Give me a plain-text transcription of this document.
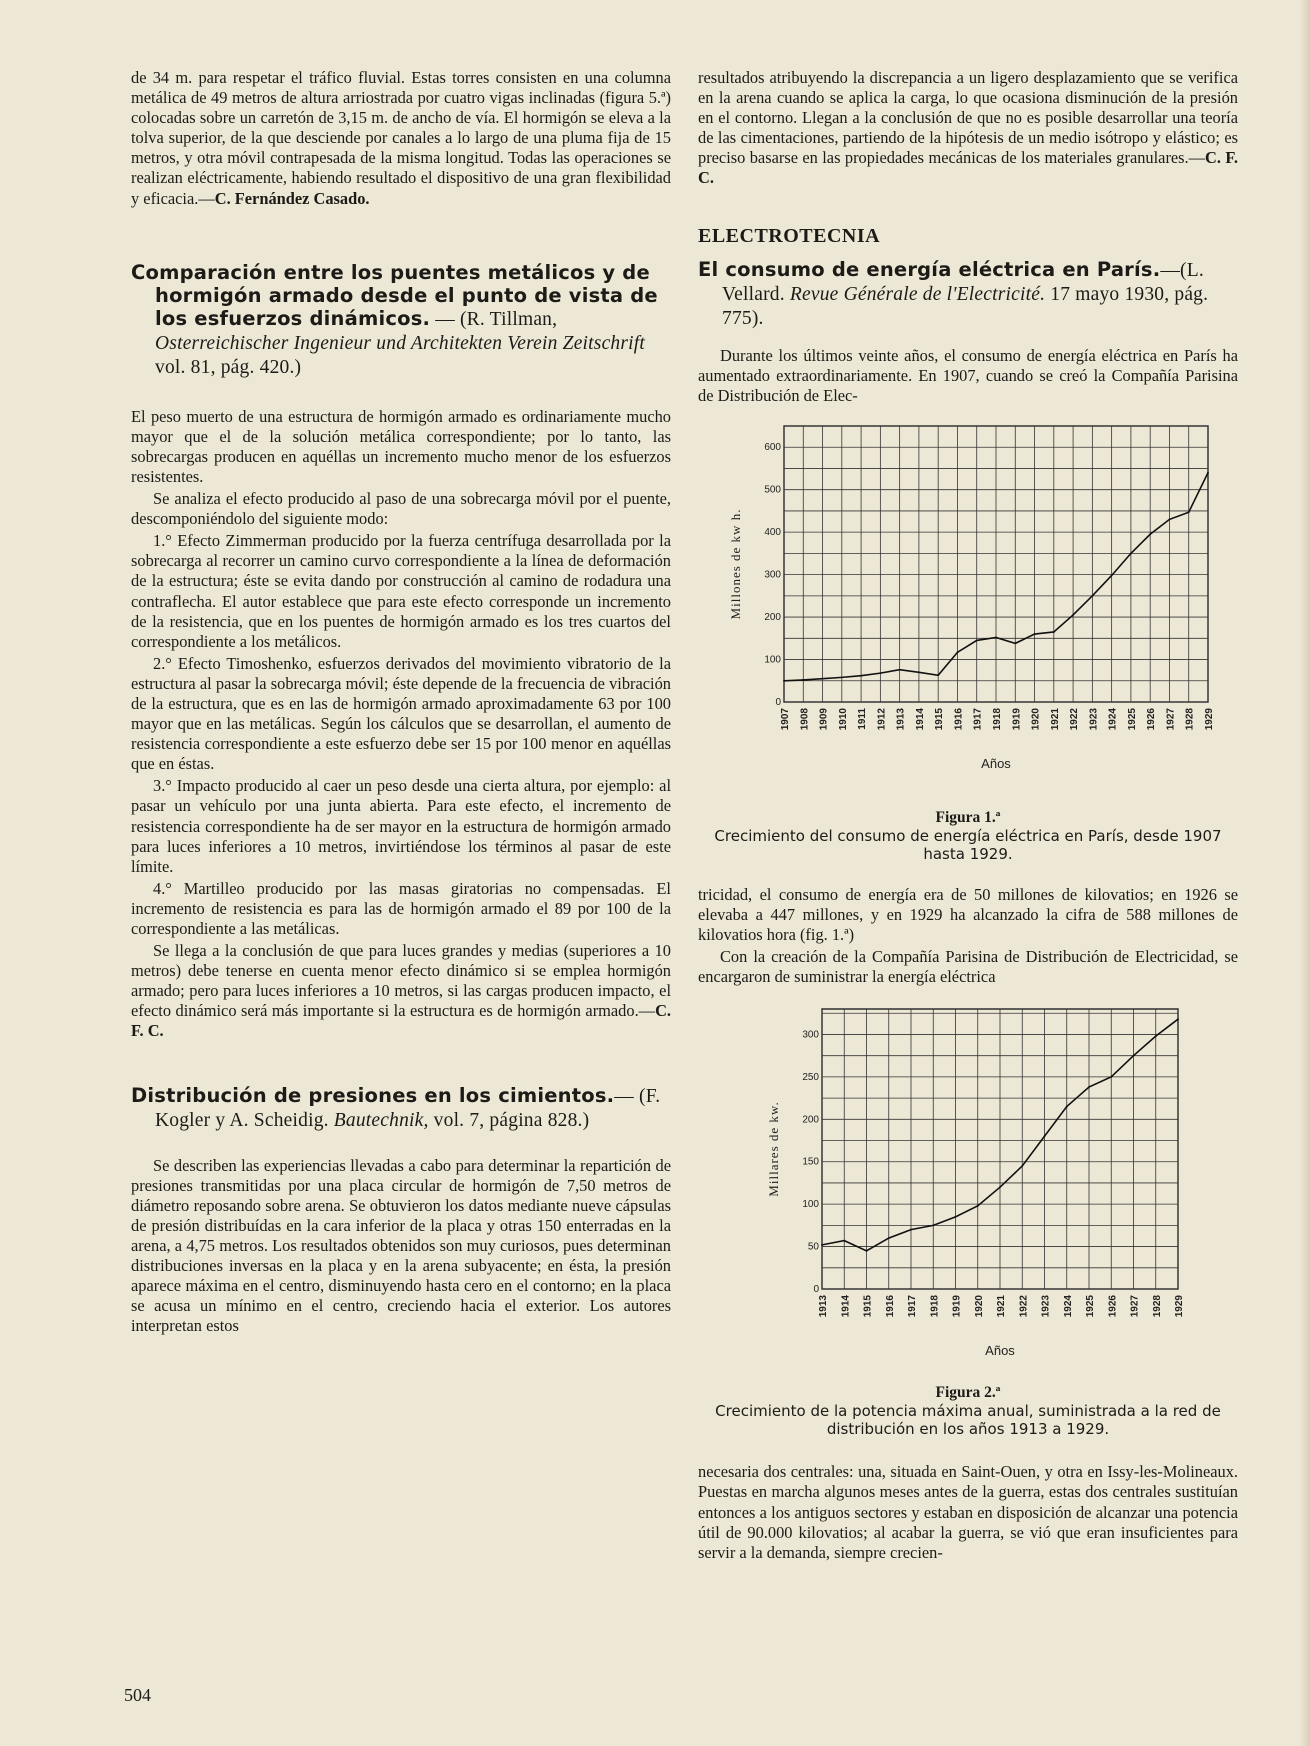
de 34 m. para respetar el tráfico fluvial. Estas torres consisten en una columna metálica de 49 metros de altura arriostrada por cuatro vigas inclinadas (figura 5.ª) colocadas sobre un carretón de 3,15 m. de ancho de vía. El hormigón se eleva a la tolva superior, de la que desciende por canales a lo largo de una pluma fija de 15 metros, y otra móvil contrapesada de la misma longitud. Todas las operaciones se realizan eléctricamente, habiendo resultado el dispositivo de una gran flexibilidad y eficacia.—C. Fernández Casado.

Comparación entre los puentes metálicos y de hormigón armado desde el punto de vista de los esfuerzos dinámicos. — (R. Tillman, Osterreichischer Ingenieur und Architekten Verein Zeitschrift vol. 81, pág. 420.)

El peso muerto de una estructura de hormigón armado es ordinariamente mucho mayor que el de la solución metálica correspondiente; por lo tanto, las sobrecargas producen en aquéllas un incremento mucho menor de los esfuerzos resistentes.

Se analiza el efecto producido al paso de una sobrecarga móvil por el puente, descomponiéndolo del siguiente modo:

1.° Efecto Zimmerman producido por la fuerza centrífuga desarrollada por la sobrecarga al recorrer un camino curvo correspondiente a la línea de deformación de la estructura; éste se evita dando por construcción al camino de rodadura una contraflecha. El autor establece que para este efecto corresponde un incremento de la resistencia, que en los puentes de hormigón armado es los tres cuartos del correspondiente a los metálicos.

2.° Efecto Timoshenko, esfuerzos derivados del movimiento vibratorio de la estructura al pasar la sobrecarga móvil; éste depende de la frecuencia de vibración de la estructura, que es en las de hormigón armado aproximadamente 63 por 100 mayor que en las metálicas. Según los cálculos que se desarrollan, el aumento de resistencia correspondiente a este esfuerzo debe ser 15 por 100 menor en aquéllas que en éstas.

3.° Impacto producido al caer un peso desde una cierta altura, por ejemplo: al pasar un vehículo por una junta abierta. Para este efecto, el incremento de resistencia correspondiente ha de ser mayor en la estructura de hormigón armado para luces inferiores a 10 metros, invirtiéndose los términos al pasar de este límite.

4.° Martilleo producido por las masas giratorias no compensadas. El incremento de resistencia es para las de hormigón armado el 89 por 100 de la correspondiente a las metálicas.

Se llega a la conclusión de que para luces grandes y medias (superiores a 10 metros) debe tenerse en cuenta menor efecto dinámico si se emplea hormigón armado; pero para luces inferiores a 10 metros, si las cargas producen impacto, el efecto dinámico será más importante si la estructura es de hormigón armado.—C. F. C.

Distribución de presiones en los cimientos.— (F. Kogler y A. Scheidig. Bautechnik, vol. 7, página 828.)

Se describen las experiencias llevadas a cabo para determinar la repartición de presiones transmitidas por una placa circular de hormigón de 7,50 metros de diámetro reposando sobre arena. Se obtuvieron los datos mediante nueve cápsulas de presión distribuídas en la cara inferior de la placa y otras 150 enterradas en la arena, a 4,75 metros. Los resultados obtenidos son muy curiosos, pues determinan distribuciones inversas en la placa y en la arena subyacente; en ésta, la presión aparece máxima en el centro, disminuyendo hasta cero en el contorno; en la placa se acusa un mínimo en el centro, creciendo hacia el exterior. Los autores interpretan estos

504

resultados atribuyendo la discrepancia a un ligero desplazamiento que se verifica en la arena cuando se aplica la carga, lo que ocasiona disminución de la presión en el contorno. Llegan a la conclusión de que no es posible desarrollar una teoría de las cimentaciones, partiendo de la hipótesis de un medio isótropo y elástico; es preciso basarse en las propiedades mecánicas de los materiales granulares.—C. F. C.

ELECTROTECNIA
El consumo de energía eléctrica en París.—(L. Vellard. Revue Générale de l'Electricité. 17 mayo 1930, pág. 775).

Durante los últimos veinte años, el consumo de energía eléctrica en París ha aumentado extraordinariamente. En 1907, cuando se creó la Compañía Parisina de Distribución de Elec-

0
100
200
300
400
500
600
1907 1908 1909 1910 1911 1912 1913 1914 1915 1916 1917 1918 1919 1920 1921 1922 1923 1924 1925 1926 1927 1928 1929
Millones de kw h.
Años

Figura 1.ª

Crecimiento del consumo de energía eléctrica en París, desde 1907 hasta 1929.

tricidad, el consumo de energía era de 50 millones de kilovatios; en 1926 se elevaba a 447 millones, y en 1929 ha alcanzado la cifra de 588 millones de kilovatios hora (fig. 1.ª)

Con la creación de la Compañía Parisina de Distribución de Electricidad, se encargaron de suministrar la energía eléctrica

0
50
100
150
200
250
300
1913 1914 1915 1916 1917 1918 1919 1920 1921 1922 1923 1924 1925 1926 1927 1928 1929
Millares de kw.
Años

Figura 2.ª

Crecimiento de la potencia máxima anual, suministrada a la red de distribución en los años 1913 a 1929.

necesaria dos centrales: una, situada en Saint-Ouen, y otra en Issy-les-Molineaux. Puestas en marcha algunos meses antes de la guerra, estas dos centrales sustituían entonces a los antiguos sectores y estaban en disposición de alcanzar una potencia útil de 90.000 kilovatios; al acabar la guerra, se vió que eran insuficientes para servir a la demanda, siempre crecien-
